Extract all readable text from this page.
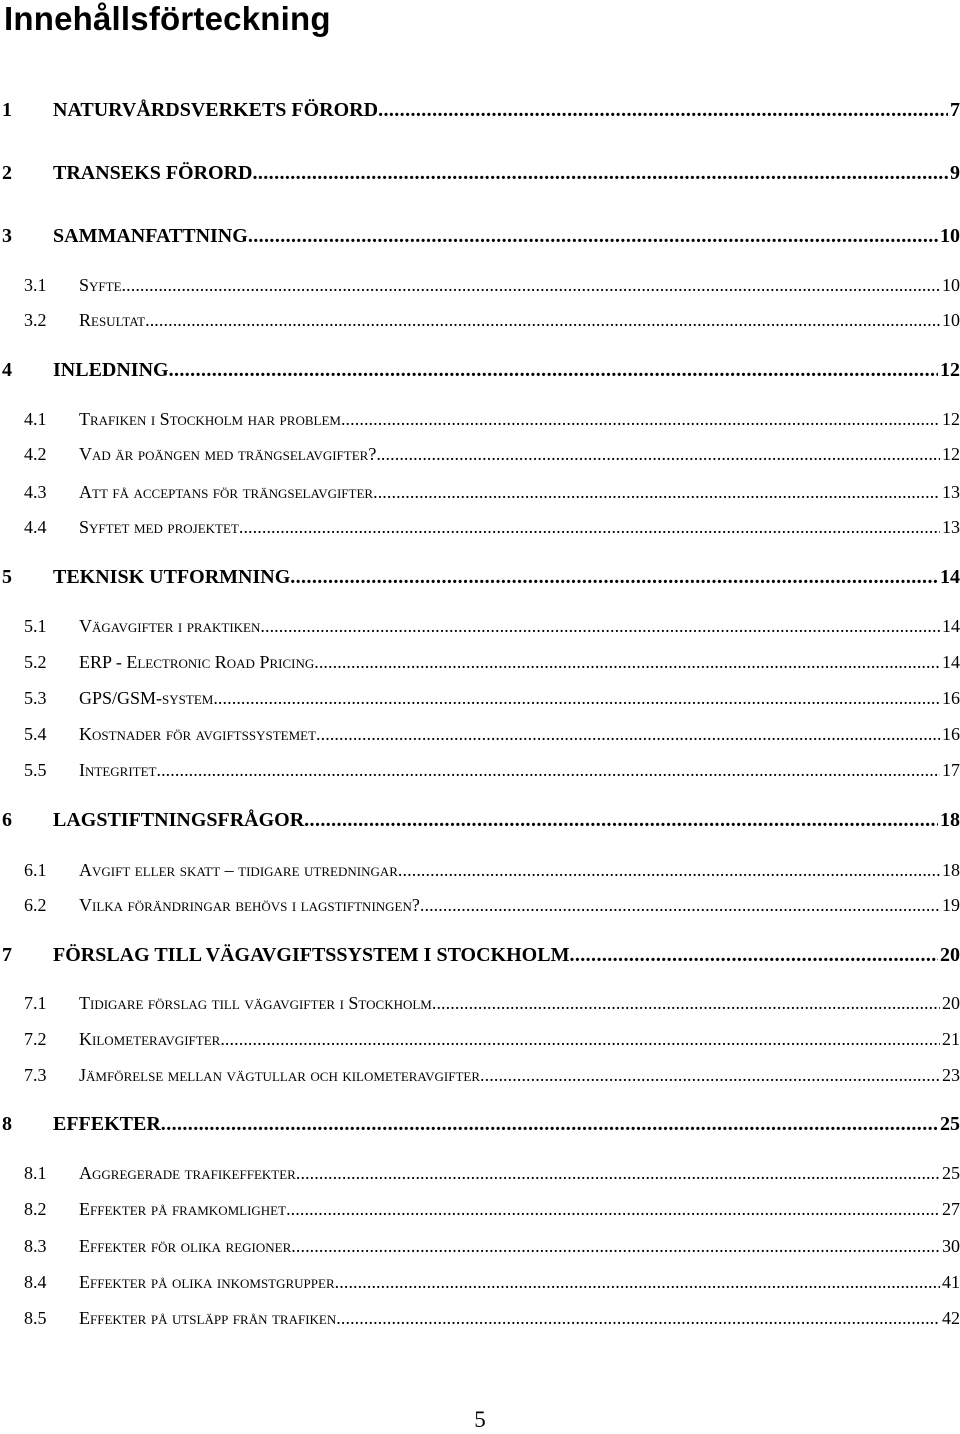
Innehållsförteckning
1 NATURVÅRDSVERKETS FÖRORD . . .	7
2 TRANSEKS FÖRORD . . .	9
3 SAMMANFATTNING . . .	10
3.1 Syfte . . .	10
3.2 Resultat . . .	10
4 INLEDNING . . .	12
4.1 Trafiken i Stockholm har problem . . .	12
4.2 Vad är poängen med trängselavgifter? . . .	12
4.3 Att få acceptans för trängselavgifter . . .	13
4.4 Syftet med projektet . . .	13
5 TEKNISK UTFORMNING . . .	14
5.1 Vägavgifter i praktiken . . .	14
5.2 ERP - Electronic Road Pricing . . .	14
5.3 GPS/GSM-system . . .	16
5.4 Kostnader för avgiftssystemet . . .	16
5.5 Integritet . . .	17
6 LAGSTIFTNINGSFRÅGOR . . .	18
6.1 Avgift eller skatt – tidigare utredningar . . .	18
6.2 Vilka förändringar behövs i lagstiftningen? . . .	19
7 FÖRSLAG TILL VÄGAVGIFTSSYSTEM I STOCKHOLM . . .	20
7.1 Tidigare förslag till vägavgifter i Stockholm . . .	20
7.2 Kilometeravgifter . . .	21
7.3 Jämförelse mellan vägtullar och kilometeravgifter . . .	23
8 EFFEKTER . . .	25
8.1 Aggregerade trafikeffekter . . .	25
8.2 Effekter på framkomlighet . . .	27
8.3 Effekter för olika regioner . . .	30
8.4 Effekter på olika inkomstgrupper . . .	41
8.5 Effekter på utsläpp från trafiken . . .	42
5
